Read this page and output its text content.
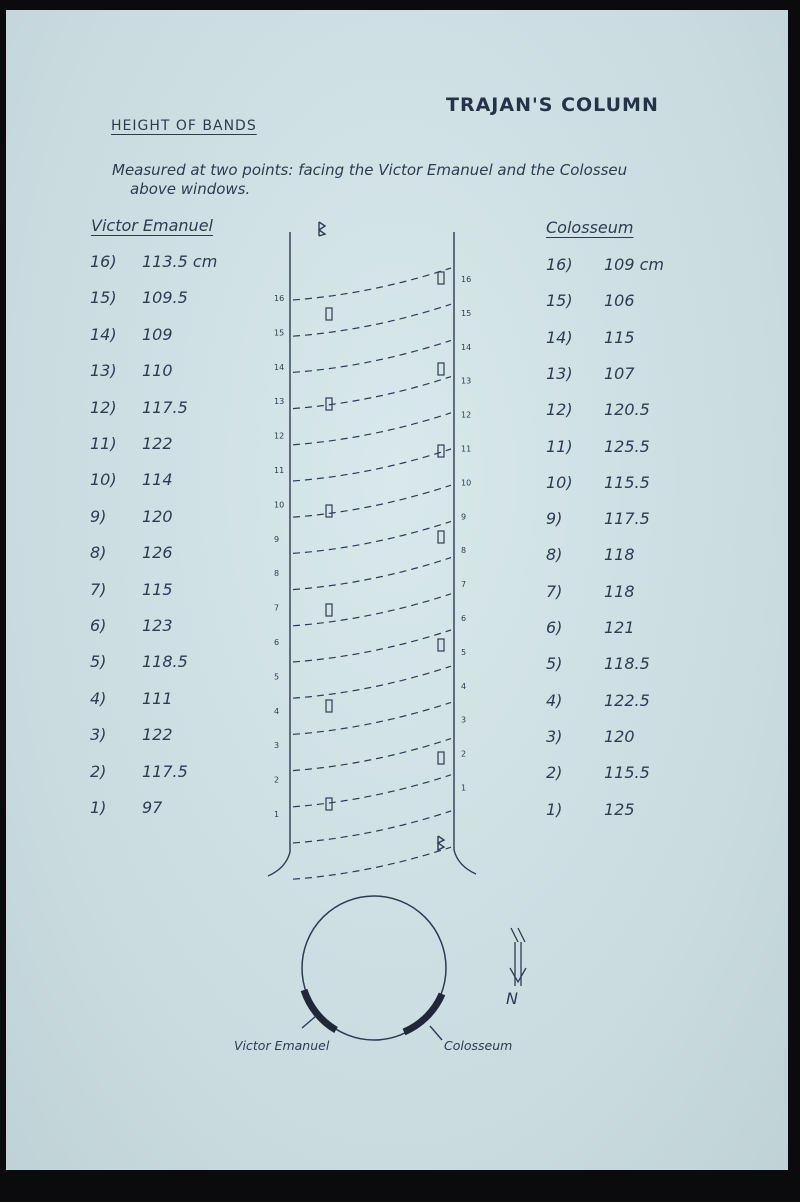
TRAJAN'S COLUMN
HEIGHT OF BANDS
Measured at two points: facing the Victor Emanuel and the Colosseu
above windows.
Victor Emanuel
16) 113.5 cm
15) 109.5
14) 109
13) 110
12) 117.5
11) 122
10) 114
9) 120
8) 126
7) 115
6) 123
5) 118.5
4) 111
3) 122
2) 117.5
1) 97
Colosseum
16) 109 cm
15) 106
14) 115
13) 107
12) 120.5
11) 125.5
10) 115.5
9)	117.5
8)	118
7)	118
6)	121
5)	118.5
4)	122.5
3)	120
2)	115.5
1)	125
16
15
14
13
12
11
10
9
8
7
6
5
4
3
2
1
16
15
14
13
12
11
10
9
8
7
6
5
4
3
2
1
N
Victor Emanuel	Colosseum
